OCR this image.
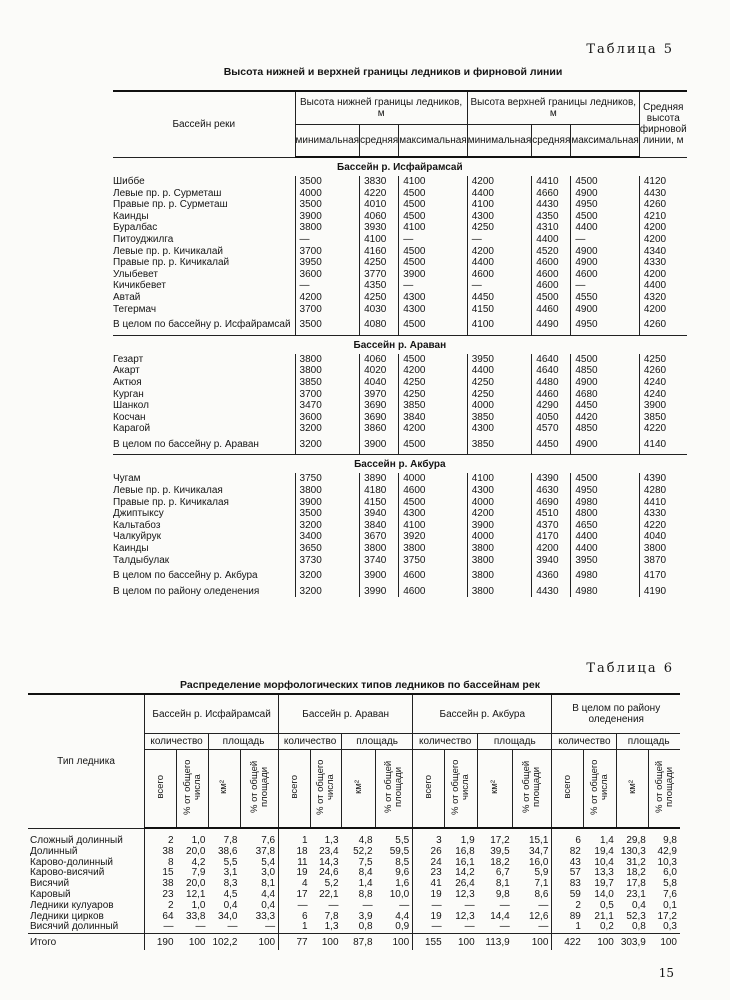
Таблица 5
Высота нижней и верхней границы ледников и фирновой линии
Бассейн реки	Высота нижней границы ледников, м			Высота верхней границы ледников, м			Средняя высота фирновой линии, м
	минимальная	средняя	максимальная	минимальная	средняя	максимальная	
Бассейн р. Исфайрамсай							
Шиббе	3500	3830	4100	4200	4410	4500	4120
Левые пр. р. Сурметаш	4000	4220	4500	4400	4660	4900	4430
Правые пр. р. Сурметаш	3500	4010	4500	4100	4430	4950	4260
Каинды	3900	4060	4500	4300	4350	4500	4210
Буралбас	3800	3930	4100	4250	4310	4400	4200
Питоуджилга	—	4100	—	—	4400	—	4200
Левые пр. р. Кичикалай	3700	4160	4500	4200	4520	4900	4340
Правые пр. р. Кичикалай	3950	4250	4500	4400	4600	4900	4330
Улыбевет	3600	3770	3900	4600	4600	4600	4200
Кичикбевет	—	4350	—	—	4600	—	4400
Автай	4200	4250	4300	4450	4500	4550	4320
Тегермач	3700	4030	4300	4150	4460	4900	4200

В целом по бассейну р. Исфайрамсай	3500	4080	4500	4100	4490	4950	4260

Бассейн р. Араван							
Гезарт	3800	4060	4500	3950	4640	4500	4250
Акарт	3800	4020	4200	4400	4640	4850	4260
Актюя	3850	4040	4250	4250	4480	4900	4240
Курган	3700	3970	4250	4250	4460	4680	4240
Шанкол	3470	3690	3850	4000	4290	4450	3900
Косчан	3600	3690	3840	3850	4050	4420	3850
Карагой	3200	3860	4200	4300	4570	4850	4220

В целом по бассейну р. Араван	3200	3900	4500	3850	4450	4900	4140

Бассейн р. Акбура							
Чугам	3750	3890	4000	4100	4390	4500	4390
Левые пр. р. Кичикалая	3800	4180	4600	4300	4630	4950	4280
Правые пр. р. Кичикалая	3900	4150	4500	4000	4690	4980	4410
Джиптыксу	3500	3940	4300	4200	4510	4800	4330
Кальтабоз	3200	3840	4100	3900	4370	4650	4220
Чалкуйрук	3400	3670	3920	4000	4170	4400	4040
Каинды	3650	3800	3800	3800	4200	4400	3800
Талдыбулак	3730	3740	3750	3800	3940	3950	3870

В целом по бассейну р. Акбура	3200	3900	4600	3800	4360	4980	4170

В целом по району оледенения	3200	3990	4600	3800	4430	4980	4190
Таблица 6
Распределение морфологических типов ледников по бассейнам рек
Тип ледника	Бассейн р. Исфайрамсай				Бассейн р. Араван				Бассейн р. Акбура				В целом по району оледенения			
	количество		площадь		количество		площадь		количество		площадь		количество		площадь	
	всего	% от общего числа	км²	% от общей площади	всего	% от общего числа	км²	% от общей площади	всего	% от общего числа	км²	% от общей площади	всего	% от общего числа	км²	% от общей площади

Сложный долинный	2	1,0	7,8	7,6	1	1,3	4,8	5,5	3	1,9	17,2	15,1	6	1,4	29,8	9,8
Долинный	38	20,0	38,6	37,8	18	23,4	52,2	59,5	26	16,8	39,5	34,7	82	19,4	130,3	42,9
Карово-долинный	8	4,2	5,5	5,4	11	14,3	7,5	8,5	24	16,1	18,2	16,0	43	10,4	31,2	10,3
Карово-висячий	15	7,9	3,1	3,0	19	24,6	8,4	9,6	23	14,2	6,7	5,9	57	13,3	18,2	6,0
Висячий	38	20,0	8,3	8,1	4	5,2	1,4	1,6	41	26,4	8,1	7,1	83	19,7	17,8	5,8
Каровый	23	12,1	4,5	4,4	17	22,1	8,8	10,0	19	12,3	9,8	8,6	59	14,0	23,1	7,6
Ледники кулуаров	2	1,0	0,4	0,4	—	—	—	—	—	—	—	—	2	0,5	0,4	0,1
Ледники цирков	64	33,8	34,0	33,3	6	7,8	3,9	4,4	19	12,3	14,4	12,6	89	21,1	52,3	17,2
Висячий долинный	—	—	—	—	1	1,3	0,8	0,9	—	—	—	—	1	0,2	0,8	0,3
Итого	190	100	102,2	100	77	100	87,8	100	155	100	113,9	100	422	100	303,9	100
15
